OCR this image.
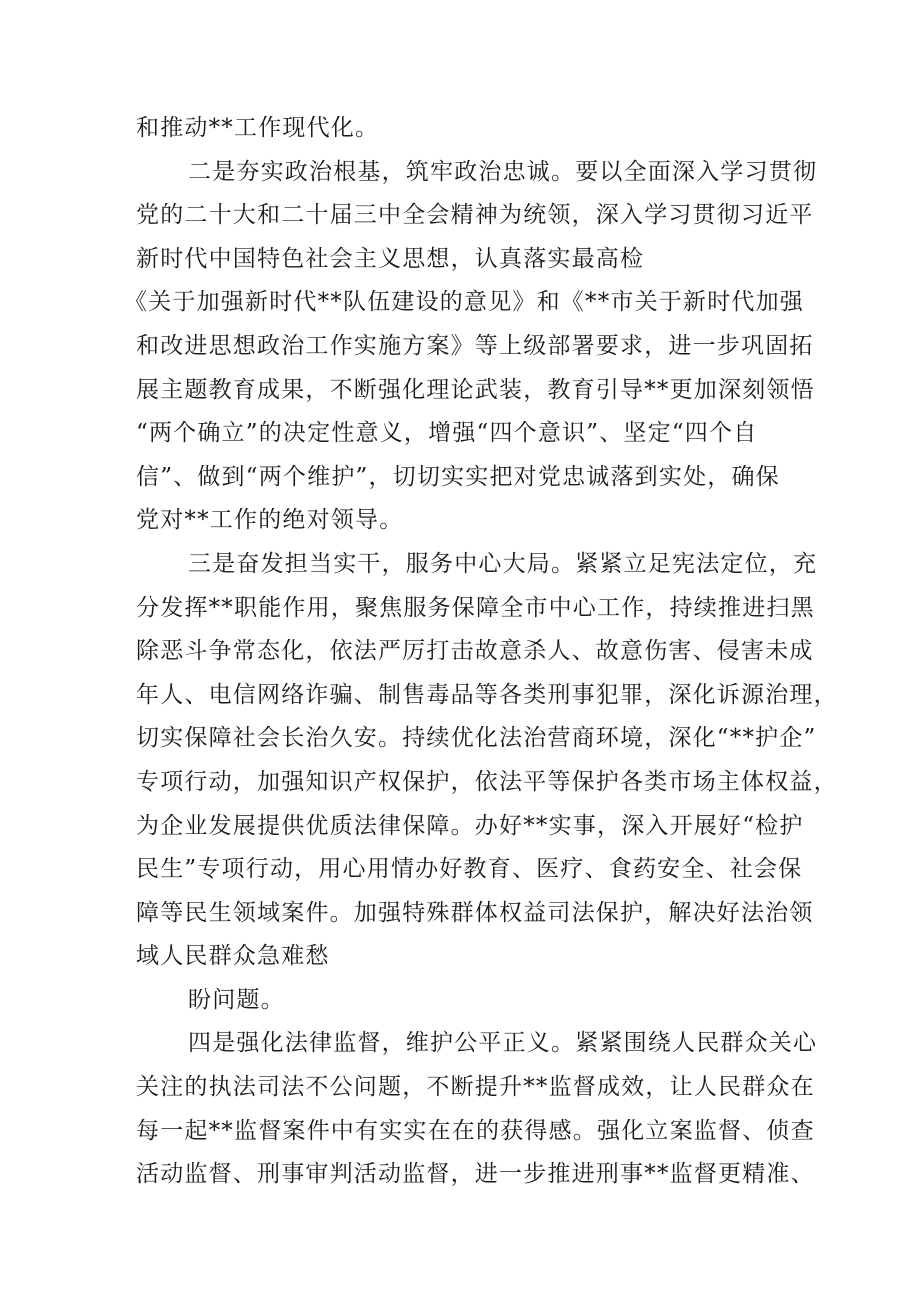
和推动**工作现代化。
二是夯实政治根基，筑牢政治忠诚。要以全面深入学习贯彻
党的二十大和二十届三中全会精神为统领，深入学习贯彻习近平
新时代中国特色社会主义思想，认真落实最高检
《关于加强新时代**队伍建设的意见》和《**市关于新时代加强
和改进思想政治工作实施方案》等上级部署要求，进一步巩固拓
展主题教育成果，不断强化理论武装，教育引导**更加深刻领悟
“两个确立”的决定性意义，增强“四个意识”、坚定“四个自
信”、做到“两个维护”，切切实实把对党忠诚落到实处，确保
党对**工作的绝对领导。
三是奋发担当实干，服务中心大局。紧紧立足宪法定位，充
分发挥**职能作用，聚焦服务保障全市中心工作，持续推进扫黑
除恶斗争常态化，依法严厉打击故意杀人、故意伤害、侵害未成
年人、电信网络诈骗、制售毒品等各类刑事犯罪，深化诉源治理，
切实保障社会长治久安。持续优化法治营商环境，深化“**护企”
专项行动，加强知识产权保护，依法平等保护各类市场主体权益，
为企业发展提供优质法律保障。办好**实事，深入开展好“检护
民生”专项行动，用心用情办好教育、医疗、食药安全、社会保
障等民生领域案件。加强特殊群体权益司法保护，解决好法治领
域人民群众急难愁
盼问题。
四是强化法律监督，维护公平正义。紧紧围绕人民群众关心
关注的执法司法不公问题，不断提升**监督成效，让人民群众在
每一起**监督案件中有实实在在的获得感。强化立案监督、侦查
活动监督、刑事审判活动监督，进一步推进刑事**监督更精准、
